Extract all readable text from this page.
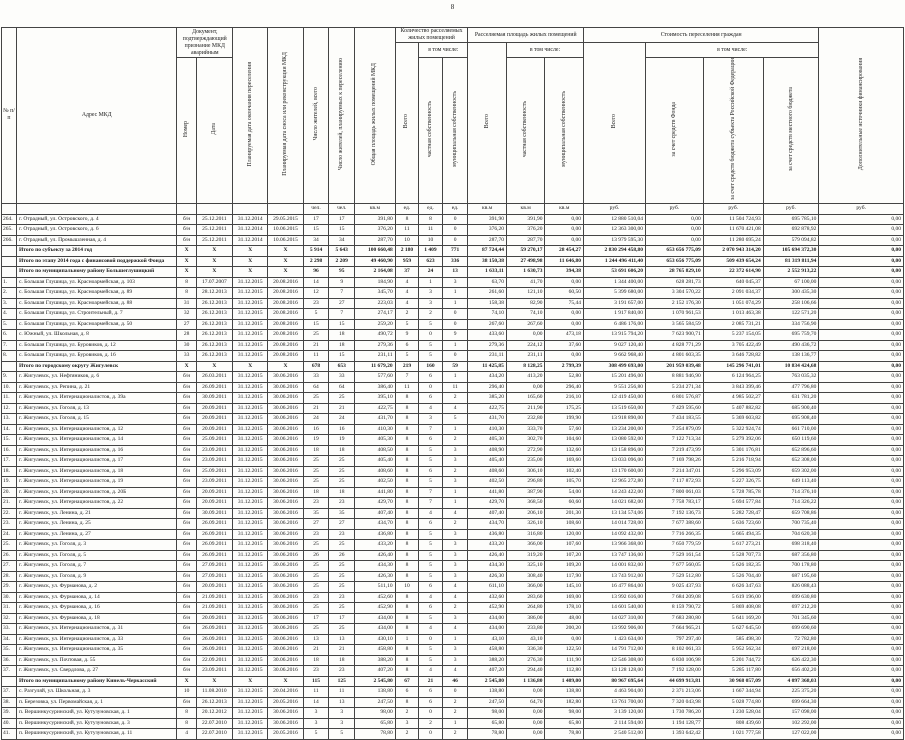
8
№ п/п	Адрес МКД	Документ, подтверждающий признание МКД аварийным		Планируемая дата окончания переселения	Планируемая дата сноса или реконструкции МКД	Число жителей, всего	Число жителей, планируемых к переселению	Общая площадь жилых помещений МКД	Количество расселяемых жилых помещений			Расселяемая площадь жилых помещений			Стоимость переселения граждан				Дополнительные источники финансирования
									Всего	в том числе:		Всего	в том числе:		Всего	в том числе:			
		Номер	Дата							частная собственность	муниципальная собственность		частная собственность	муниципальная собственность		за счет средств Фонда	за счет средств бюджета субъекта Российской Федерации	за счет средств местного бюджета	
						чел.	чел.	кв.м	ед.	ед.	ед.	кв.м	кв.м	кв.м	руб.	руб.	руб.	руб.	руб.
264.	г. Отрадный, ул. Островского, д. 4	б/н	25.12.2011	31.12.2014	29.05.2015	17	17	391,80	8	8	0	391,90	391,90	0,00	12 880 510,04	0,00	11 504 724,93	695 785,10	0,00
265.	г. Отрадный, ул. Островского, д. 6	б/н	25.12.2011	31.12.2014	10.06.2015	15	15	376,20	11	11	0	376,20	376,20	0,00	12 363 300,00	0,00	11 670 421,08	692 878,92	0,00
266.	г. Отрадный, ул. Промышленная, д. 4	б/н	25.12.2011	31.12.2014	10.06.2015	34	34	287,70	10	10	0	287,70	287,70	0,00	13 979 595,30	0,00	11 280 695,24	579 094,82	0,00
	Итого по субъекту за 2014 год	X	X	X	X	5 914	5 643	100 660,48	2 180	1 409	771	87 724,44	59 270,17	28 454,27	2 830 294 458,80	653 656 775,09	2 070 943 314,20	105 694 372,30	0,00
	Итого по этапу 2014 года с финансовой поддержкой Фонда	X	X	X	X	2 298	2 209	49 460,90	959	623	336	38 150,38	27 498,98	11 646,80	1 244 496 411,40	653 656 775,09	509 439 654,24	81 319 811,94	0,00
	Итого по муниципальному району Большеглушицкий	X	X	X	X	96	95	2 164,08	37	24	13	1 633,11	1 630,73	394,38	53 691 606,20	28 765 829,10	22 372 614,90	2 552 913,22	0,00
1.	с. Большая Глушица, ул. Красноармейская, д. 103	8	17.07.2007	31.12.2015	20.08.2016	14	9	184,90	4	1	3	63,70	41,70	0,00	1 344 400,00	628 281,73	640 045,37	67 100,00	0,00
2.	с. Большая Глушица, ул. Красноармейская, д. 89	8	28.12.2013	31.12.2015	20.08.2016	12	7	345,70	4	3	1	261,60	121,10	60,50	5 399 680,00	3 304 570,22	2 091 034,37	300 435,30	0,00
3.	с. Большая Глушица, ул. Красноармейская, д. 88	31	26.12.2013	31.12.2015	20.08.2016	23	27	223,03	4	3	1	158,38	82,90	75,44	3 191 657,00	2 152 176,30	1 051 074,29	258 106,66	0,00
4.	с. Большая Глушица, ул. Строительный, д. 7	32	26.12.2013	31.12.2015	20.08.2016	5	7	274,17	2	2	0	74,10	74,10	0,00	1 917 840,00	1 070 961,53	1 013 463,38	122 571,20	0,00
5.	с. Большая Глушица, ул. Красноармейская, д. 50	27	26.12.2013	31.12.2015	20.08.2016	15	15	259,20	5	5	0	267,60	267,60	0,00	6 486 176,00	3 565 584,59	2 085 731,21	334 756,90	0,00
6.	с. Южный, ул. Школьная, д. 8	28	26.12.2013	31.12.2015	20.08.2016	25	18	490,72	9	0	9	433,60	0,00	473,18	13 915 794,20	7 623 900,71	5 237 154,05	695 759,70	0,00
7.	с. Большая Глушица, ул. Буровиков, д. 12	30	26.12.2013	31.12.2015	20.08.2016	21	18	279,36	6	5	1	279,36	224,12	37,60	9 027 120,40	4 828 771,29	3 705 422,49	490 436,72	0,00
8.	с. Большая Глушица, ул. Буровиков, д. 16	33	26.12.2013	31.12.2015	20.08.2016	11	15	231,11	5	5	0	231,11	231,11	0,00	9 662 968,40	4 801 603,35	3 646 728,82	138 136,77	0,00
	Итого по городскому округу Жигулевск	X	X	X	X	678	653	11 679,20	219	160	59	11 425,85	8 128,25	2 799,39	308 499 693,00	201 959 039,48	145 296 741,01	10 834 424,68	0,00
9.	г. Жигулевск, ул. Нефтяников, д. 6	б/н	26.03.2011	31.12.2015	30.06.2016	33	33	577,60	7	6	1	434,20	413,20	52,80	15 201 496,00	8 881 946,90	6 124 964,25	763 035,32	0,00
10.	г. Жигулевск, ул. Репина, д. 21	б/н	26.09.2011	31.12.2015	30.06.2016	64	64	386,40	11	0	11	296,40	0,00	296,40	9 551 256,80	5 234 271,34	3 843 399,46	477 796,80	0,00
11.	г. Жигулевск, ул. Интернационалистов, д. 39а	б/н	30.09.2011	31.12.2015	30.06.2016	25	25	395,10	8	6	2	385,20	165,60	216,10	12 419 450,00	6 801 576,87	4 985 502,27	631 781,20	0,00
12.	г. Жигулевск, ул. Гоголя, д. 13	б/н	20.09.2011	31.12.2015	30.06.2016	21	21	422,75	8	4	4	422,75	211,90	175,25	13 519 650,00	7 429 595,60	5 407 882,82	685 900,40	0,00
13.	г. Жигулевск, ул. Гоголя, д. 15	б/н	20.09.2011	31.12.2015	30.06.2016	24	24	431,70	8	3	5	431,70	232,80	199,90	13 918 890,00	7 434 183,55	5 369 603,82	695 908,40	0,00
14.	г. Жигулевск, ул. Интернационалистов, д. 12	б/н	20.09.2011	31.12.2015	30.06.2016	16	16	410,30	8	7	1	410,30	333,70	57,60	13 234 200,00	7 254 879,09	5 322 924,74	661 710,00	0,00
15.	г. Жигулевск, ул. Интернационалистов, д. 14	б/н	25.09.2011	31.12.2015	30.06.2016	19	19	405,30	8	6	2	405,30	302,70	104,60	13 080 592,00	7 122 713,34	5 279 392,06	650 119,60	0,00
16.	г. Жигулевск, ул. Интернационалистов, д. 16	б/н	23.09.2011	31.12.2015	30.06.2016	18	18	408,50	8	5	3	408,90	272,90	132,60	13 158 896,00	7 219 473,99	5 301 176,81	652 896,60	0,00
17.	г. Жигулевск, ул. Интернационалистов, д. 17	б/н	23.09.2011	31.12.2015	30.06.2016	25	25	405,40	8	5	3	405,40	235,00	169,60	13 033 096,00	7 169 798,26	5 216 718,94	652 308,00	0,00
18.	г. Жигулевск, ул. Интернационалистов, д. 18	б/н	25.09.2011	31.12.2015	30.06.2016	25	25	408,60	8	6	2	408,60	306,10	102,40	13 170 600,00	7 214 347,01	5 296 953,09	659 302,00	0,00
19.	г. Жигулевск, ул. Интернационалистов, д. 19	б/н	23.09.2011	31.12.2015	30.06.2016	25	25	402,50	8	5	3	402,50	296,80	105,70	12 965 272,80	7 117 872,93	5 227 326,75	649 113,40	0,00
20.	г. Жигулевск, ул. Интернационалистов, д. 20Б	б/н	20.09.2011	31.12.2015	30.06.2016	18	18	441,80	8	7	1	441,80	387,90	54,00	14 243 422,00	7 800 061,03	5 728 785,78	714 376,10	0,00
21.	г. Жигулевск, ул. Интернационалистов, д. 22	б/н	20.09.2011	31.12.2015	30.06.2016	23	23	429,70	8	7	1	429,70	368,50	60,60	14 021 682,00	7 758 783,17	5 694 577,84	714 326,22	0,00
22.	г. Жигулевск, ул. Ленина, д. 21	б/н	30.09.2011	31.12.2015	30.06.2016	35	35	407,40	8	4	4	407,40	206,10	201,30	13 134 574,06	7 192 136,73	5 282 728,47	659 708,86	0,00
23.	г. Жигулевск, ул. Ленина, д. 25	б/н	26.09.2011	31.12.2015	30.06.2016	27	27	434,70	8	6	2	434,70	326,10	108,60	14 014 728,00	7 677 388,60	5 636 723,60	700 735,40	0,00
24.	г. Жигулевск, ул. Ленина, д. 27	б/н	26.09.2011	31.12.2015	30.06.2016	23	23	436,80	8	5	3	436,80	316,80	120,00	14 092 432,00	7 716 266,35	5 665 494,35	704 620,30	0,00
25.	г. Жигулевск, ул. Гоголя, д. 3	б/н	26.09.2011	31.12.2015	30.06.2016	25	25	433,20	8	5	3	433,20	366,00	107,60	13 966 368,00	7 650 779,59	5 617 273,21	698 318,40	0,00
26.	г. Жигулевск, ул. Гоголя, д. 5	б/н	26.09.2011	31.12.2015	30.06.2016	26	26	426,40	8	5	3	426,40	319,20	107,20	13 747 136,00	7 529 161,54	5 528 707,73	687 356,80	0,00
27.	г. Жигулевск, ул. Гоголя, д. 7	б/н	27.09.2011	31.12.2015	30.06.2016	25	25	434,30	8	5	3	434,30	325,10	109,20	14 001 832,00	7 677 560,05	5 626 182,35	700 178,80	0,00
28.	г. Жигулевск, ул. Гоголя, д. 9	б/н	27.09.2011	31.12.2015	30.06.2016	25	25	426,30	8	5	3	426,30	308,40	117,90	13 743 912,00	7 529 512,80	5 526 704,40	687 195,60	0,00
29.	г. Жигулевск, ул. Фурманова, д. 2	б/н	20.09.2011	31.12.2015	30.06.2016	25	25	511,10	10	6	4	611,10	366,00	145,10	16 477 864,00	9 025 437,93	6 626 347,63	826 088,43	0,00
30.	г. Жигулевск, ул. Фурманова, д. 14	б/н	21.09.2011	31.12.2015	30.06.2016	23	23	452,60	8	4	4	432,60	283,60	169,00	13 992 616,00	7 684 209,08	5 619 196,00	699 630,80	0,00
31.	г. Жигулевск, ул. Фурманова, д. 16	б/н	21.09.2011	31.12.2015	30.06.2016	25	25	452,90	8	6	2	452,90	264,80	178,10	14 601 540,00	8 159 790,72	5 869 408,08	697 212,20	0,00
32.	г. Жигулевск, ул. Фурманова, д. 18	б/н	20.09.2011	31.12.2015	30.06.2016	17	17	434,00	8	5	3	434,00	386,00	48,00	14 027 310,00	7 683 280,80	5 641 169,20	701 345,60	0,00
33.	г. Жигулевск, ул. Интернационалистов, д. 31	б/н	26.09.2011	31.12.2015	30.06.2016	25	25	434,00	8	4	4	434,00	233,80	200,20	13 992 906,00	7 664 965,21	5 627 645,50	699 690,60	0,00
34.	г. Жигулевск, ул. Интернационалистов, д. 33	б/н	26.09.2011	31.12.2015	30.06.2016	13	13	430,10	1	0	1	43,10	43,10	0,00	1 423 634,00	797 297,40	585 498,30	72 782,80	0,00
35.	г. Жигулевск, ул. Интернационалистов, д. 35	б/н	26.09.2011	31.12.2015	30.06.2016	21	21	458,80	8	5	3	458,80	336,30	122,50	14 791 712,00	8 102 061,33	5 952 562,34	697 218,00	0,00
36.	г. Жигулевск, ул. Почтовая, д. 55	б/н	22.09.2011	31.12.2015	30.06.2016	18	18	388,20	8	5	3	388,20	276,30	111,90	12 546 308,00	6 830 106,98	5 201 744,72	626 422,30	0,00
37.	г. Жигулевск, ул. Свердлова, д. 27	б/н	23.09.2011	31.12.2015	30.06.2016	23	23	407,20	8	4	4	407,20	294,40	112,80	13 128 128,00	7 192 128,00	5 285 117,80	656 402,20	0,00
	Итого по муниципальному району Кинель-Черкасский	X	X	X	X	115	125	2 545,80	67	21	46	2 545,80	1 136,80	1 409,00	80 967 695,64	44 699 913,81	30 968 057,09	4 097 368,03	0,00
37.	с. Разгуляй, ул. Школьная, д. 3	10	11.08.2010	31.12.2015	20.04.2016	11	11	138,80	6	6	0	138,80	0,00	138,80	4 463 904,00	2 371 213,06	1 667 344,94	225 375,20	0,00
38.	п. Березовка, ул. Первомайская, д. 1	б/н	26.12.2013	31.12.2015	20.05.2016	14	13	247,50	8	6	2	247,50	64,70	182,80	13 761 700,00	7 320 043,98	5 028 774,80	699 664,30	0,00
39.	п. Вершинкусуринский, ул. Кутузуновская, д. 1	8	20.12.2012	31.12.2015	30.06.2016	3	3	98,00	2	0	2	98,00	0,00	98,00	3 139 120,00	1 730 786,20	1 230 528,04	157 098,00	0,00
40.	п. Вершинкусуринский, ул. Кутузуновская, д. 3	8	22.07.2010	31.12.2015	30.06.2016	3	3	65,80	3	2	1	65,80	0,00	65,80	2 114 594,00	1 194 128,77	808 439,60	102 292,00	0,00
41.	п. Вершинкусуринский, ул. Кутузуновская, д. 11	4	22.07.2010	31.12.2015	20.05.2016	5	5	78,80	2	0	2	78,80	0,00	78,80	2 540 512,00	1 393 642,42	1 021 777,58	127 022,00	0,00
